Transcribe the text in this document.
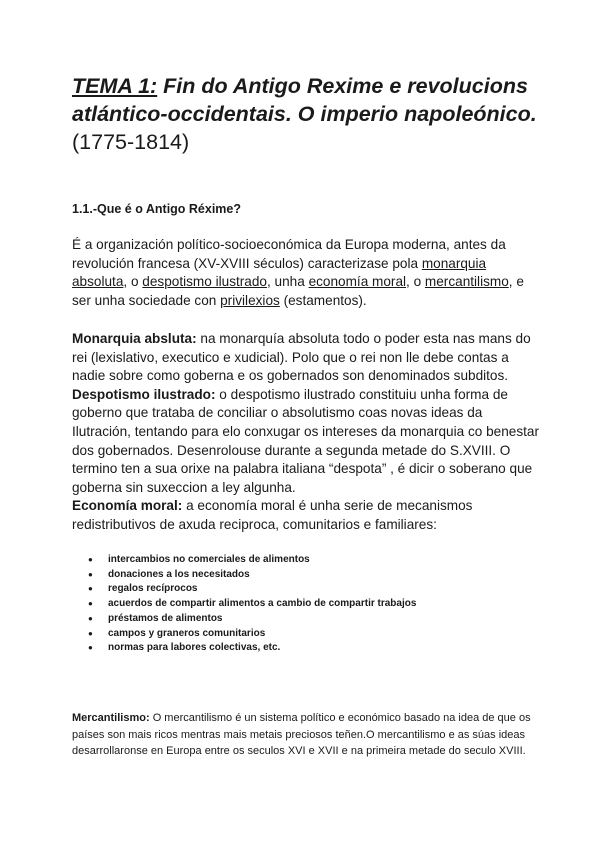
TEMA 1: Fin do Antigo Rexime e revolucions atlántico-occidentais. O imperio napoleónico. (1775-1814)
1.1.-Que é o Antigo Réxime?

É a organización político-socioeconómica da Europa moderna, antes da revolución francesa (XV-XVIII séculos) caracterizase pola monarquia absoluta, o despotismo ilustrado, unha economía moral, o mercantilismo, e ser unha sociedade con privilexios (estamentos).

Monarquia absluta: na monarquía absoluta todo o poder esta nas mans do rei (lexislativo, executico e xudicial). Polo que o rei non lle debe contas a nadie sobre como goberna e os gobernados son denominados subditos.

Despotismo ilustrado: o despotismo ilustrado constituiu unha forma de goberno que trataba de conciliar o absolutismo coas novas ideas da Ilutración, tentando para elo conxugar os intereses da monarquia co benestar dos gobernados. Desenrolouse durante a segunda metade do S.XVIII. O termino ten a sua orixe na palabra italiana “despota” , é dicir o soberano que goberna sin suxeccion a ley algunha.

Economía moral: a economía moral é unha serie de mecanismos redistributivos de axuda reciproca, comunitarios e familiares:

● intercambios no comerciales de alimentos
● donaciones a los necesitados
● regalos recíprocos
● acuerdos de compartir alimentos a cambio de compartir trabajos
● préstamos de alimentos
● campos y graneros comunitarios
● normas para labores colectivas, etc.

Mercantilismo: O mercantilismo é un sistema político e económico basado na idea de que os países son mais ricos mentras mais metais preciosos teñen.O mercantilismo e as súas ideas desarrollaronse en Europa entre os seculos XVI e XVII e na primeira metade do seculo XVIII.
